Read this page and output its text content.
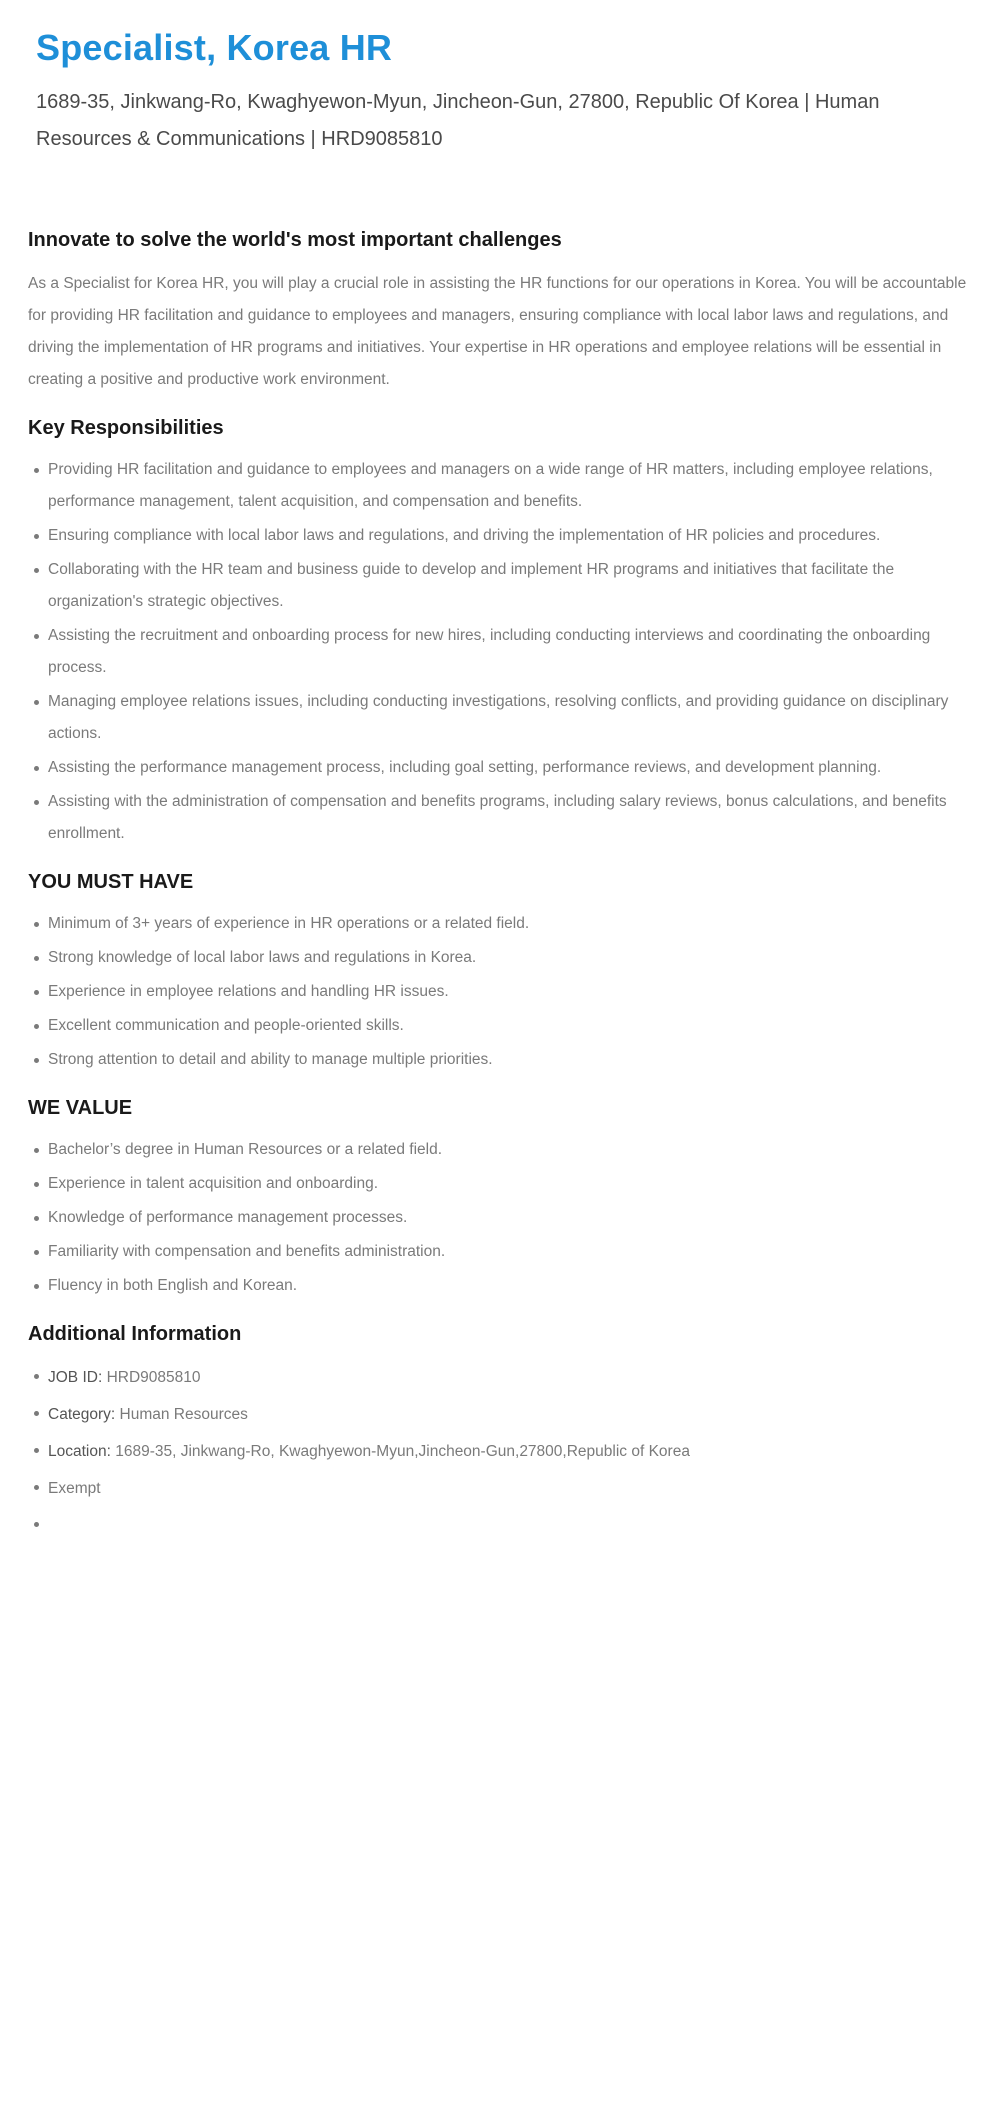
Specialist, Korea HR

1689-35, Jinkwang-Ro, Kwaghyewon-Myun, Jincheon-Gun, 27800, Republic Of Korea | Human Resources & Communications | HRD9085810

Innovate to solve the world's most important challenges

As a Specialist for Korea HR, you will play a crucial role in assisting the HR functions for our operations in Korea. You will be accountable for providing HR facilitation and guidance to employees and managers, ensuring compliance with local labor laws and regulations, and driving the implementation of HR programs and initiatives. Your expertise in HR operations and employee relations will be essential in creating a positive and productive work environment.

Key Responsibilities
Providing HR facilitation and guidance to employees and managers on a wide range of HR matters, including employee relations, performance management, talent acquisition, and compensation and benefits.
Ensuring compliance with local labor laws and regulations, and driving the implementation of HR policies and procedures.
Collaborating with the HR team and business guide to develop and implement HR programs and initiatives that facilitate the organization's strategic objectives.
Assisting the recruitment and onboarding process for new hires, including conducting interviews and coordinating the onboarding process.
Managing employee relations issues, including conducting investigations, resolving conflicts, and providing guidance on disciplinary actions.
Assisting the performance management process, including goal setting, performance reviews, and development planning.
Assisting with the administration of compensation and benefits programs, including salary reviews, bonus calculations, and benefits enrollment.
YOU MUST HAVE
Minimum of 3+ years of experience in HR operations or a related field.
Strong knowledge of local labor laws and regulations in Korea.
Experience in employee relations and handling HR issues.
Excellent communication and people-oriented skills.
Strong attention to detail and ability to manage multiple priorities.
WE VALUE
Bachelor’s degree in Human Resources or a related field.
Experience in talent acquisition and onboarding.
Knowledge of performance management processes.
Familiarity with compensation and benefits administration.
Fluency in both English and Korean.
Additional Information
JOB ID: HRD9085810
Category: Human Resources
Location: 1689-35, Jinkwang-Ro, Kwaghyewon-Myun,Jincheon-Gun,27800,Republic of Korea
Exempt
